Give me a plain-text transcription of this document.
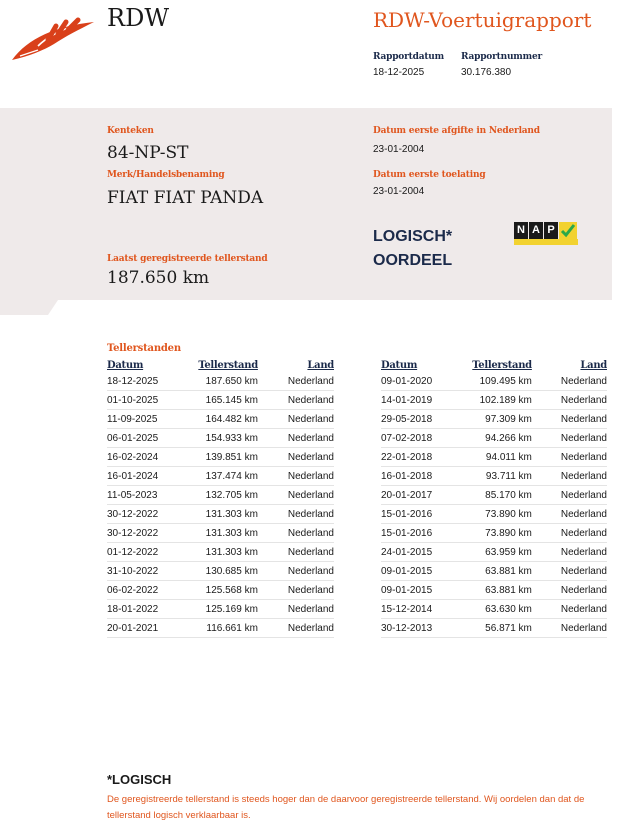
RDW	RDW-Voertuigrapport
Rapportdatum
18-12-2025
Rapportnummer
30.176.380
Kenteken
84-NP-ST
Merk/Handelsbenaming
FIAT FIAT PANDA
Datum eerste afgifte in Nederland
23-01-2004
Datum eerste toelating
23-01-2004
LOGISCH*
OORDEEL
N A P
Laatst geregistreerde tellerstand
187.650 km
Tellerstanden
Datum	Tellerstand	Land
18-12-2025	187.650 km	Nederland
01-10-2025	165.145 km	Nederland
11-09-2025	164.482 km	Nederland
06-01-2025	154.933 km	Nederland
16-02-2024	139.851 km	Nederland
16-01-2024	137.474 km	Nederland
11-05-2023	132.705 km	Nederland
30-12-2022	131.303 km	Nederland
30-12-2022	131.303 km	Nederland
01-12-2022	131.303 km	Nederland
31-10-2022	130.685 km	Nederland
06-02-2022	125.568 km	Nederland
18-01-2022	125.169 km	Nederland
20-01-2021	116.661 km	Nederland
Datum	Tellerstand	Land
09-01-2020	109.495 km	Nederland
14-01-2019	102.189 km	Nederland
29-05-2018	97.309 km	Nederland
07-02-2018	94.266 km	Nederland
22-01-2018	94.011 km	Nederland
16-01-2018	93.711 km	Nederland
20-01-2017	85.170 km	Nederland
15-01-2016	73.890 km	Nederland
15-01-2016	73.890 km	Nederland
24-01-2015	63.959 km	Nederland
09-01-2015	63.881 km	Nederland
09-01-2015	63.881 km	Nederland
15-12-2014	63.630 km	Nederland
30-12-2013	56.871 km	Nederland
*LOGISCH
De geregistreerde tellerstand is steeds hoger dan de daarvoor geregistreerde tellerstand. Wij oordelen dan dat de tellerstand logisch verklaarbaar is.
